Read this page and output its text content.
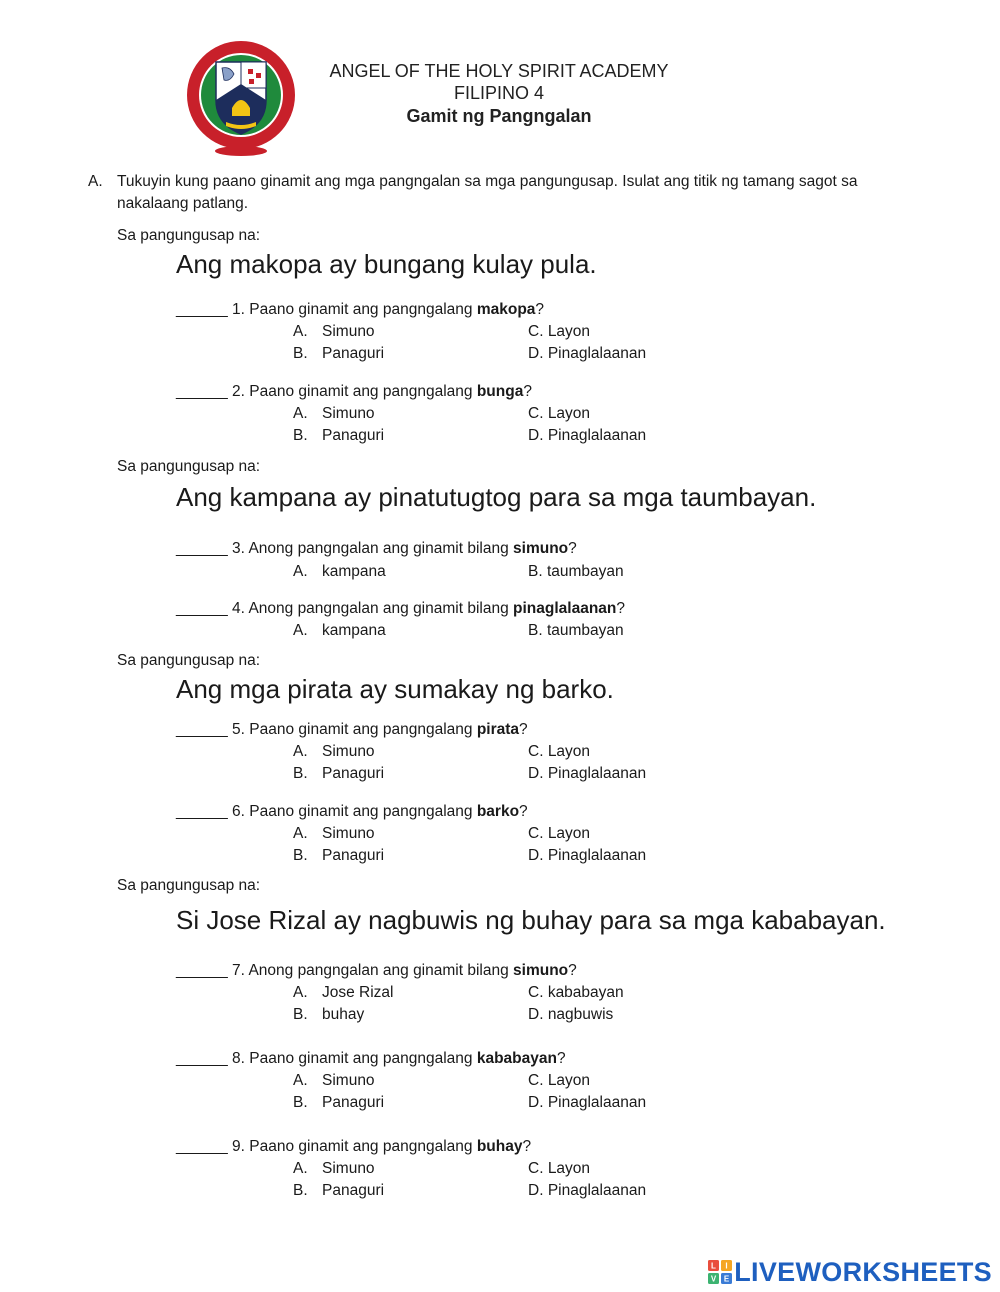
ANGEL OF THE HOLY SPIRIT ACADEMY
FILIPINO 4
Gamit ng Pangngalan
A. Tukuyin kung paano ginamit ang mga pangngalan sa mga pangungusap. Isulat ang titik ng tamang sagot sa
nakalaang patlang.
Sa pangungusap na:
Ang makopa ay bungang kulay pula.
______ 1. Paano ginamit ang pangngalang makopa?
A. Simuno	C. Layon
B. Panaguri	D. Pinaglalaanan
______ 2. Paano ginamit ang pangngalang bunga?
A. Simuno	C. Layon
B. Panaguri	D. Pinaglalaanan
Sa pangungusap na:
Ang kampana ay pinatutugtog para sa mga taumbayan.
______ 3. Anong pangngalan ang ginamit bilang simuno?
A. kampana	B. taumbayan
______ 4. Anong pangngalan ang ginamit bilang pinaglalaanan?
A. kampana	B. taumbayan
Sa pangungusap na:
Ang mga pirata ay sumakay ng barko.
______ 5. Paano ginamit ang pangngalang pirata?
A. Simuno	C. Layon
B. Panaguri	D. Pinaglalaanan
______ 6. Paano ginamit ang pangngalang barko?
A. Simuno	C. Layon
B. Panaguri	D. Pinaglalaanan
Sa pangungusap na:
Si Jose Rizal ay nagbuwis ng buhay para sa mga kababayan.
______ 7. Anong pangngalan ang ginamit bilang simuno?
A. Jose Rizal	C. kababayan
B. buhay	D. nagbuwis
______ 8. Paano ginamit ang pangngalang kababayan?
A. Simuno	C. Layon
B. Panaguri	D. Pinaglalaanan
______ 9. Paano ginamit ang pangngalang buhay?
A. Simuno	C. Layon
B. Panaguri	D. Pinaglalaanan
L I
V E LIVEWORKSHEETS
